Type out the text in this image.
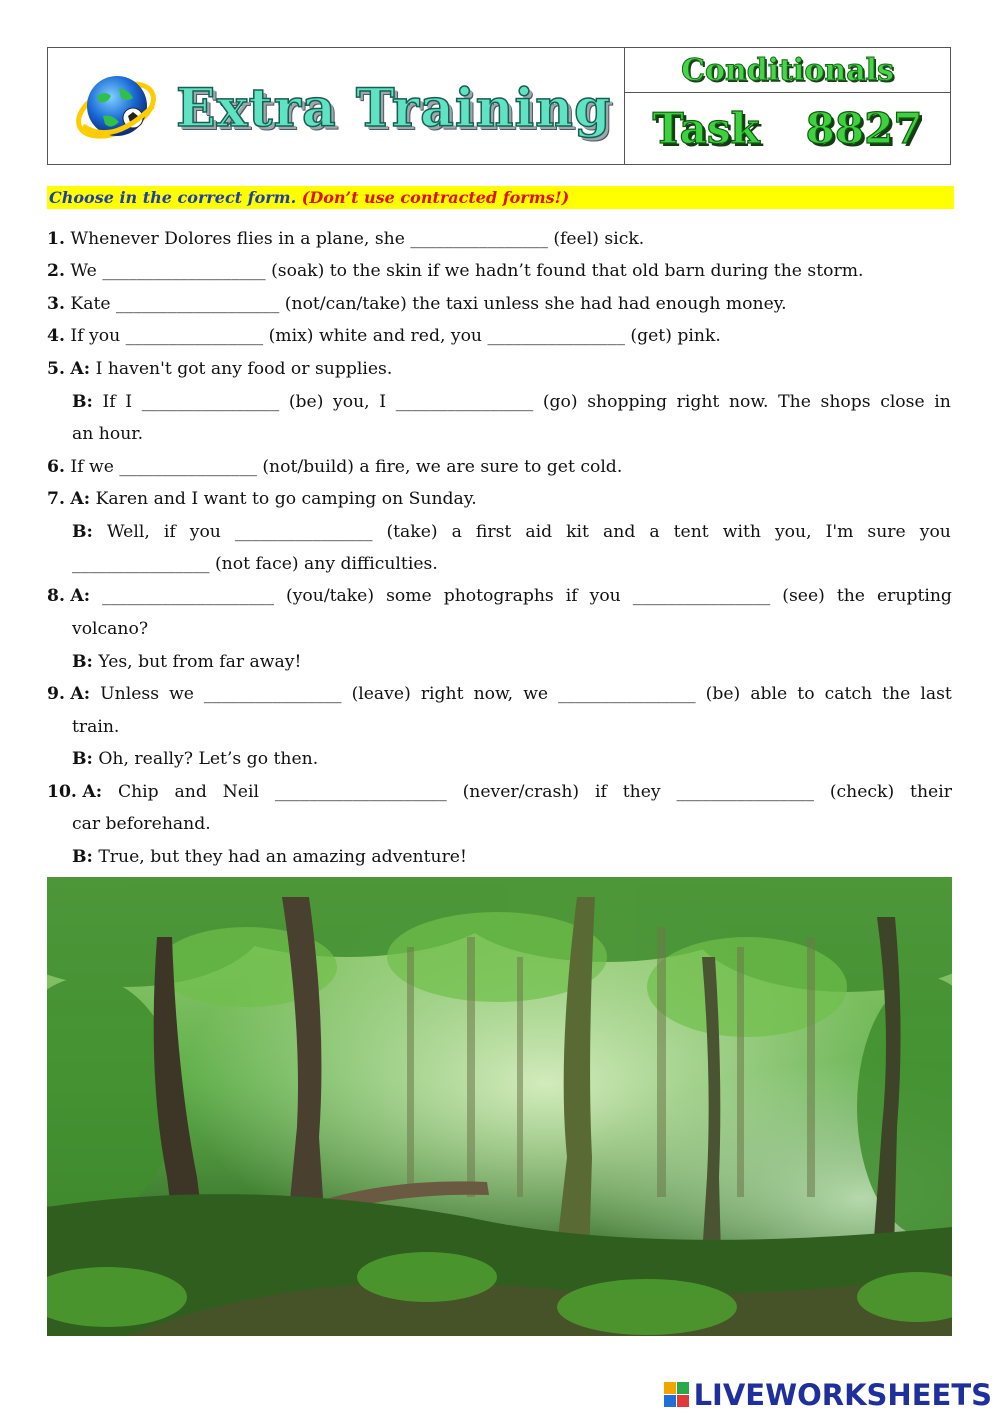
Extra Training
Conditionals
Task 8827
Choose in the correct form. (Don’t use contracted forms!)
1. Whenever Dolores flies in a plane, she ________________ (feel) sick.
2. We ___________________ (soak) to the skin if we hadn’t found that old barn during the storm.
3. Kate ___________________ (not/can/take) the taxi unless she had had enough money.
4. If you ________________ (mix) white and red, you ________________ (get) pink.
5. A: I haven't got any food or supplies.
B: If I ________________ (be) you, I ________________ (go) shopping right now. The shops close in
an hour.
6. If we ________________ (not/build) a fire, we are sure to get cold.
7. A: Karen and I want to go camping on Sunday.
B: Well, if you ________________ (take) a first aid kit and a tent with you, I'm sure you
________________ (not face) any difficulties.
8. A: ____________________ (you/take) some photographs if you ________________ (see) the erupting
volcano?
B: Yes, but from far away!
9. A: Unless we ________________ (leave) right now, we ________________ (be) able to catch the last
train.
B: Oh, really? Let’s go then.
10. A: Chip and Neil ____________________ (never/crash) if they ________________ (check) their
car beforehand.
B: True, but they had an amazing adventure!
LIVEWORKSHEETS
